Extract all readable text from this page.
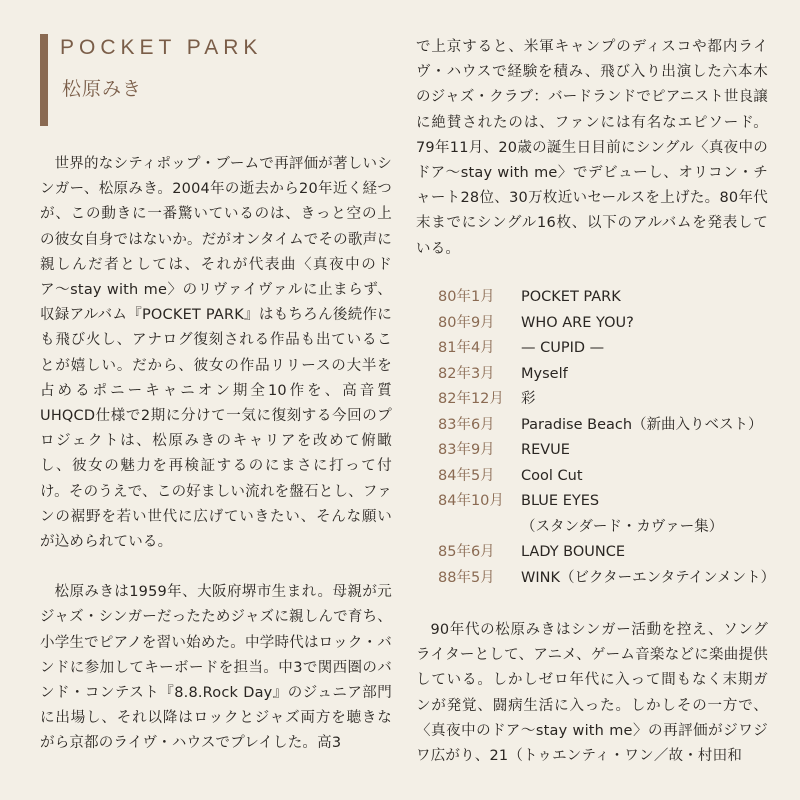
POCKET PARK
松原みき

世界的なシティポップ・ブームで再評価が著しいシンガー、松原みき。2004年の逝去から20年近く経つが、この動きに一番驚いているのは、きっと空の上の彼女自身ではないか。だがオンタイムでその歌声に親しんだ者としては、それが代表曲〈真夜中のドア〜stay with me〉のリヴァイヴァルに止まらず、収録アルバム『POCKET PARK』はもちろん後続作にも飛び火し、アナログ復刻される作品も出ていることが嬉しい。だから、彼女の作品リリースの大半を占めるポニーキャニオン期全10作を、高音質UHQCD仕様で2期に分けて一気に復刻する今回のプロジェクトは、松原みきのキャリアを改めて俯瞰し、彼女の魅力を再検証するのにまさに打って付け。そのうえで、この好ましい流れを盤石とし、ファンの裾野を若い世代に広げていきたい、そんな願いが込められている。

松原みきは1959年、大阪府堺市生まれ。母親が元ジャズ・シンガーだったためジャズに親しんで育ち、小学生でピアノを習い始めた。中学時代はロック・バンドに参加してキーボードを担当。中3で関西圏のバンド・コンテスト『8.8.Rock Day』のジュニア部門に出場し、それ以降はロックとジャズ両方を聴きながら京都のライヴ・ハウスでプレイした。高3

で上京すると、米軍キャンプのディスコや都内ライヴ・ハウスで経験を積み、飛び入り出演した六本木のジャズ・クラブ：バードランドでピアニスト世良譲に絶賛されたのは、ファンには有名なエピソード。79年11月、20歳の誕生日目前にシングル〈真夜中のドア〜stay with me〉でデビューし、オリコン・チャート28位、30万枚近いセールスを上げた。80年代末までにシングル16枚、以下のアルバムを発表している。

80年1月 POCKET PARK
80年9月 WHO ARE YOU?
81年4月 — CUPID —
82年3月 Myself
82年12月 彩
83年6月 Paradise Beach（新曲入りベスト）
83年9月 REVUE
84年5月 Cool Cut
84年10月 BLUE EYES
（スタンダード・カヴァー集）
85年6月 LADY BOUNCE
88年5月 WINK（ビクターエンタテインメント）

90年代の松原みきはシンガー活動を控え、ソングライターとして、アニメ、ゲーム音楽などに楽曲提供している。しかしゼロ年代に入って間もなく末期ガンが発覚、闘病生活に入った。しかしその一方で、〈真夜中のドア〜stay with me〉の再評価がジワジワ広がり、21（トゥエンティ・ワン／故・村田和
